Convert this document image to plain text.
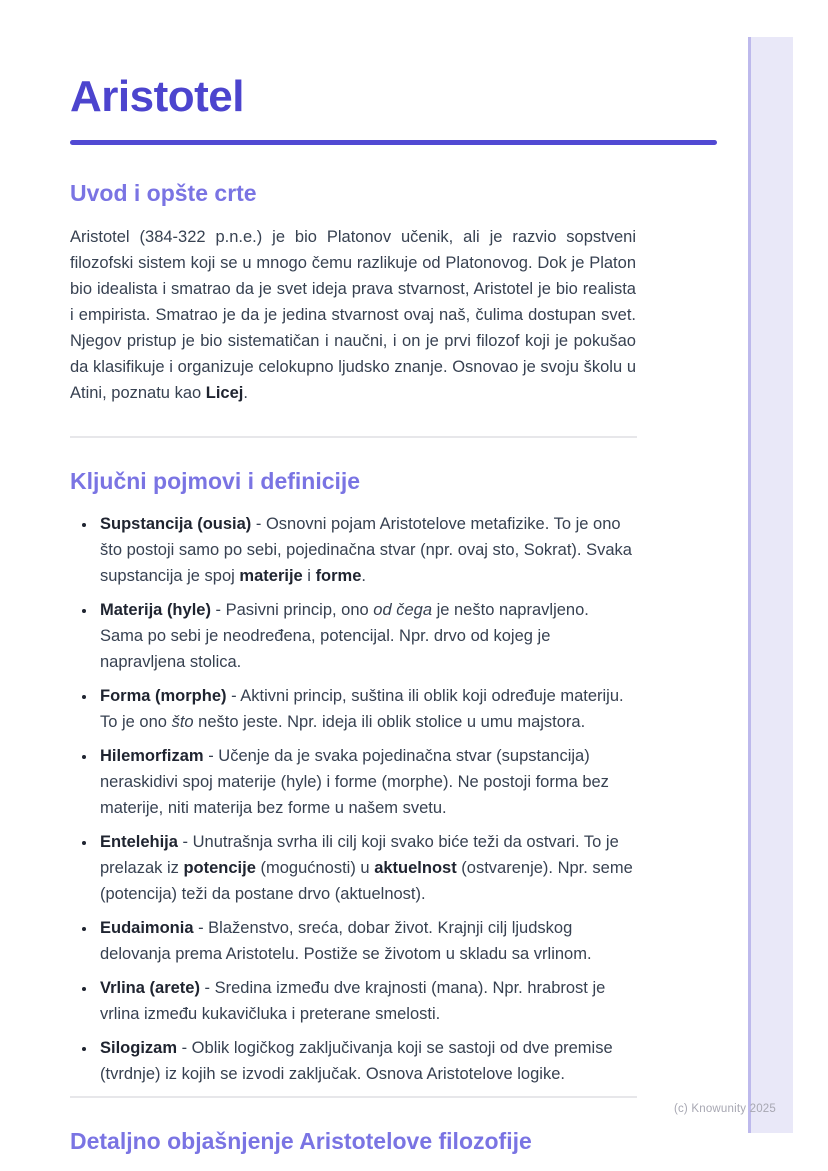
Aristotel
Uvod i opšte crte

Aristotel (384-322 p.n.e.) je bio Platonov učenik, ali je razvio sopstveni filozofski sistem koji se u mnogo čemu razlikuje od Platonovog. Dok je Platon bio idealista i smatrao da je svet ideja prava stvarnost, Aristotel je bio realista i empirista. Smatrao je da je jedina stvarnost ovaj naš, čulima dostupan svet. Njegov pristup je bio sistematičan i naučni, i on je prvi filozof koji je pokušao da klasifikuje i organizuje celokupno ljudsko znanje. Osnovao je svoju školu u Atini, poznatu kao Licej.

Ključni pojmovi i definicije
• Supstancija (ousia) - Osnovni pojam Aristotelove metafizike. To je ono što postoji samo po sebi, pojedinačna stvar (npr. ovaj sto, Sokrat). Svaka supstancija je spoj materije i forme.
• Materija (hyle) - Pasivni princip, ono od čega je nešto napravljeno. Sama po sebi je neodređena, potencijal. Npr. drvo od kojeg je napravljena stolica.
• Forma (morphe) - Aktivni princip, suština ili oblik koji određuje materiju. To je ono što nešto jeste. Npr. ideja ili oblik stolice u umu majstora.
• Hilemorfizam - Učenje da je svaka pojedinačna stvar (supstancija) neraskidivi spoj materije (hyle) i forme (morphe). Ne postoji forma bez materije, niti materija bez forme u našem svetu.
• Entelehija - Unutrašnja svrha ili cilj koji svako biće teži da ostvari. To je prelazak iz potencije (mogućnosti) u aktuelnost (ostvarenje). Npr. seme (potencija) teži da postane drvo (aktuelnost).
• Eudaimonia - Blaženstvo, sreća, dobar život. Krajnji cilj ljudskog delovanja prema Aristotelu. Postiže se životom u skladu sa vrlinom.
• Vrlina (arete) - Sredina između dve krajnosti (mana). Npr. hrabrost je vrlina između kukavičluka i preterane smelosti.
• Silogizam - Oblik logičkog zaključivanja koji se sastoji od dve premise (tvrdnje) iz kojih se izvodi zaključak. Osnova Aristotelove logike.
Detaljno objašnjenje Aristotelove filozofije
(c) Knowunity 2025
